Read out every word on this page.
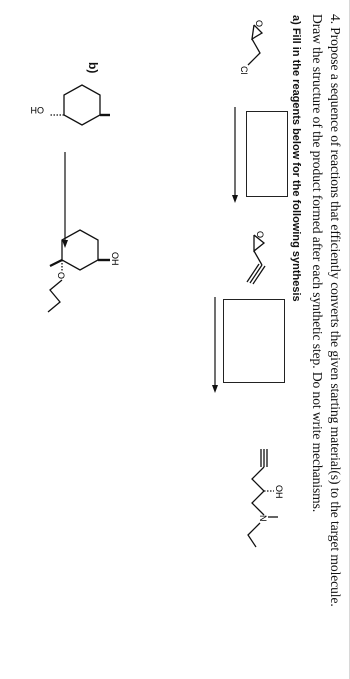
4. Propose a sequence of reactions that efficiently converts the given starting material(s) to the target molecule.
Draw the structure of the product formed after each synthetic step. Do not write mechanisms.
a) Fill in the reagents below for the following synthesis
O
Cl
O
OH
N
b)
OH
O
OH
